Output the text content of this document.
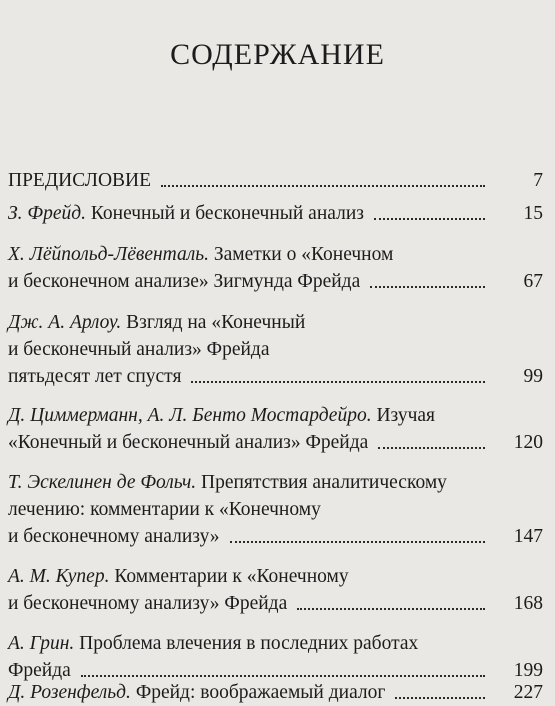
СОДЕРЖАНИЕ
ПРЕДИСЛОВИЕ	7
З. Фрейд. Конечный и бесконечный анализ	15
Х. Лёйпольд-Лёвенталь. Заметки о «Конечном
и бесконечном анализе» Зигмунда Фрейда	67
Дж. А. Арлоу. Взгляд на «Конечный
и бесконечный анализ» Фрейда
пятьдесят лет спустя	99
Д. Циммерманн, А. Л. Бенто Мостардейро. Изучая
«Конечный и бесконечный анализ» Фрейда	120
Т. Эскелинен де Фольч. Препятствия аналитическому
лечению: комментарии к «Конечному
и бесконечному анализу»	147
А. М. Купер. Комментарии к «Конечному
и бесконечному анализу» Фрейда	168
А. Грин. Проблема влечения в последних работах
Фрейда	199
Д. Розенфельд. Фрейд: воображаемый диалог	227
